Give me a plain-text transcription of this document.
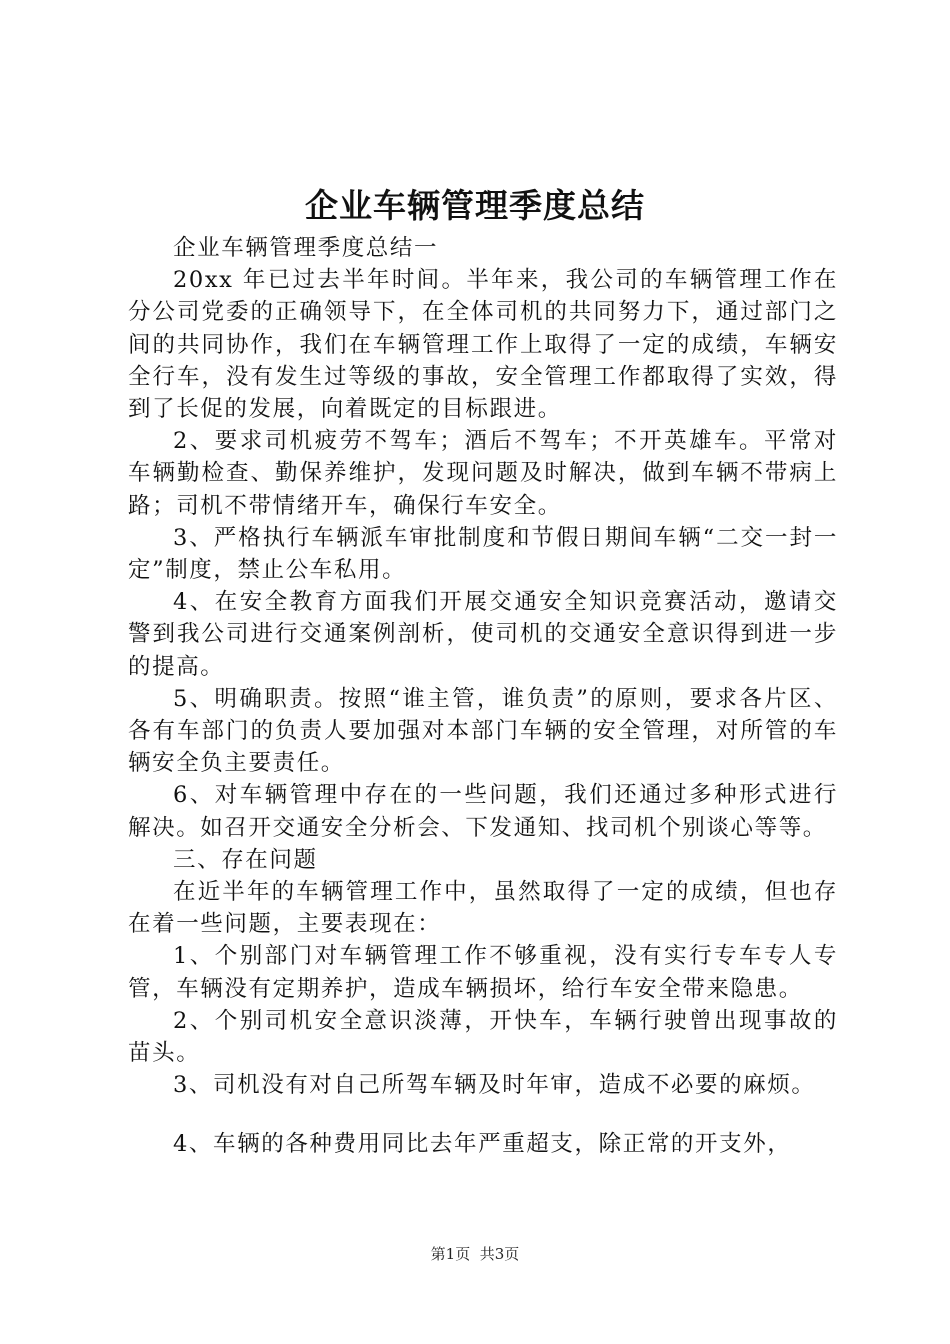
企业车辆管理季度总结

企业车辆管理季度总结一

20xx 年已过去半年时间。半年来，我公司的车辆管理工作在分公司党委的正确领导下，在全体司机的共同努力下，通过部门之间的共同协作，我们在车辆管理工作上取得了一定的成绩，车辆安全行车，没有发生过等级的事故，安全管理工作都取得了实效，得到了长促的发展，向着既定的目标跟进。

2、要求司机疲劳不驾车；酒后不驾车；不开英雄车。平常对车辆勤检查、勤保养维护，发现问题及时解决，做到车辆不带病上路；司机不带情绪开车，确保行车安全。

3、严格执行车辆派车审批制度和节假日期间车辆“二交一封一定”制度，禁止公车私用。

4、在安全教育方面我们开展交通安全知识竞赛活动，邀请交警到我公司进行交通案例剖析，使司机的交通安全意识得到进一步的提高。

5、明确职责。按照“谁主管，谁负责”的原则，要求各片区、各有车部门的负责人要加强对本部门车辆的安全管理，对所管的车辆安全负主要责任。

6、对车辆管理中存在的一些问题，我们还通过多种形式进行解决。如召开交通安全分析会、下发通知、找司机个别谈心等等。

三、存在问题

在近半年的车辆管理工作中，虽然取得了一定的成绩，但也存在着一些问题，主要表现在：

1、个别部门对车辆管理工作不够重视，没有实行专车专人专管，车辆没有定期养护，造成车辆损坏，给行车安全带来隐患。

2、个别司机安全意识淡薄，开快车，车辆行驶曾出现事故的苗头。

3、司机没有对自己所驾车辆及时年审，造成不必要的麻烦。

4、车辆的各种费用同比去年严重超支，除正常的开支外，

第1页 共3页
